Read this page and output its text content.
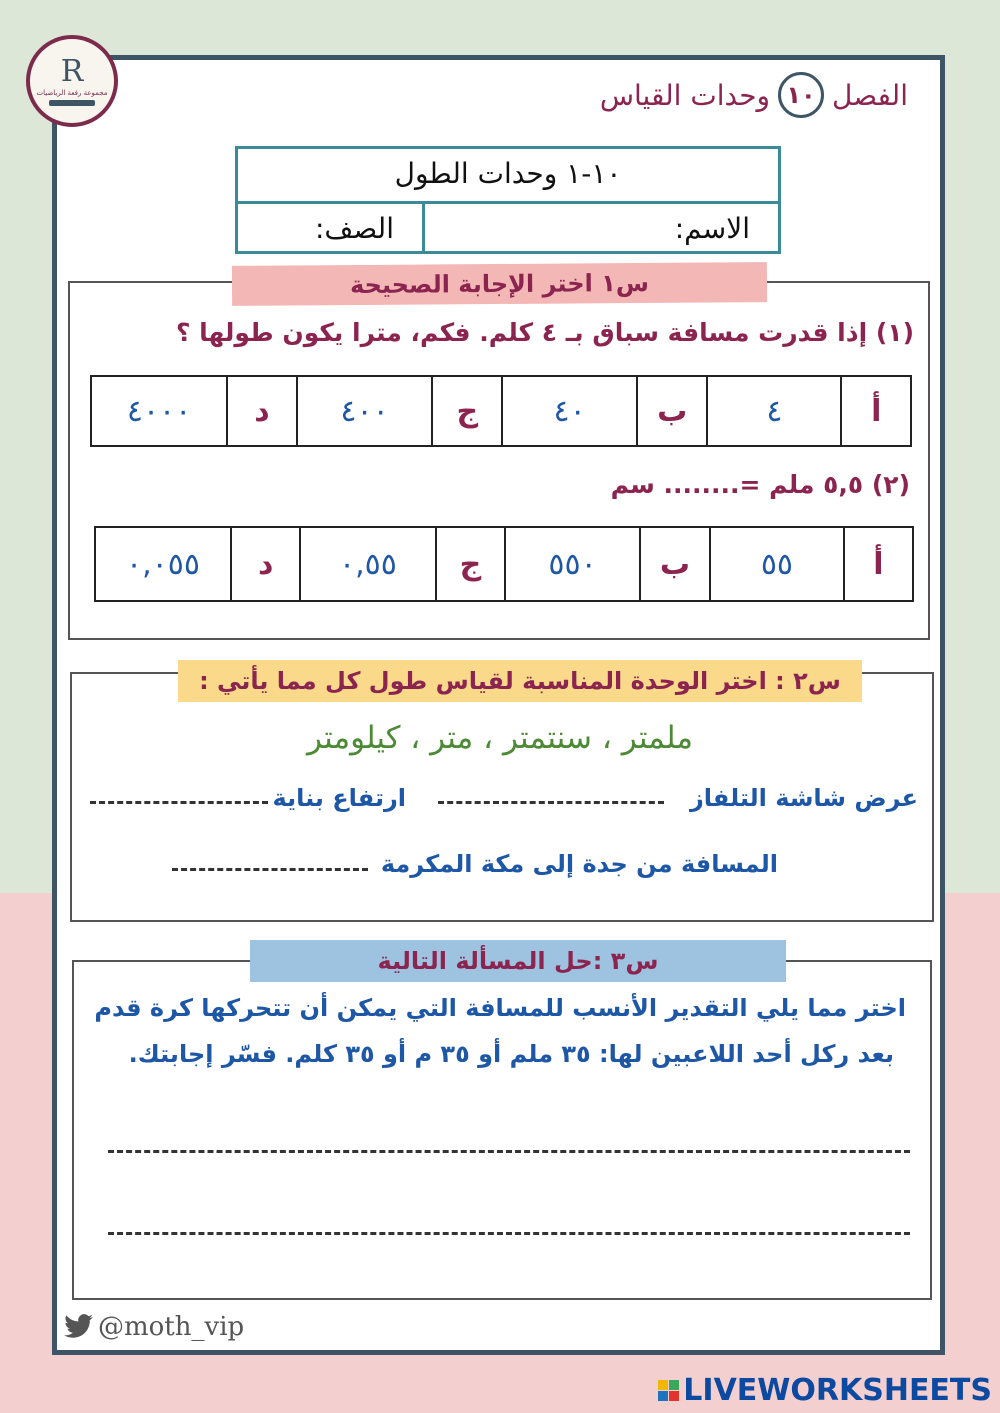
R
مجموعة رفعة الرياضيات	الفصل
١٠
وحدات القياس
١٠-١ وحدات الطول
الاسم:
الصف:
س١ اختر الإجابة الصحيحة
(١) إذا قدرت مسافة سباق بـ ٤ كلم. فكم، مترا يكون طولها ؟
أ	٤	ب	٤٠	ج	٤٠٠	د	٤٠٠٠
(٢) ٥,٥ ملم =........ سم
أ	٥٥	ب	٥٥٠	ج	٠,٥٥	د	٠,٠٥٥
س٢ : اختر الوحدة المناسبة لقياس طول كل مما يأتي :
ملمتر ، سنتمتر ، متر ، كيلومتر
عرض شاشة التلفاز
ارتفاع بناية
المسافة من جدة إلى مكة المكرمة
س٣ :حل المسألة التالية
اختر مما يلي التقدير الأنسب للمسافة التي يمكن أن تتحركها كرة قدم
بعد ركل أحد اللاعبين لها: ٣٥ ملم أو ٣٥ م أو ٣٥ كلم. فسّر إجابتك.
@moth_vip
LIVEWORKSHEETS
